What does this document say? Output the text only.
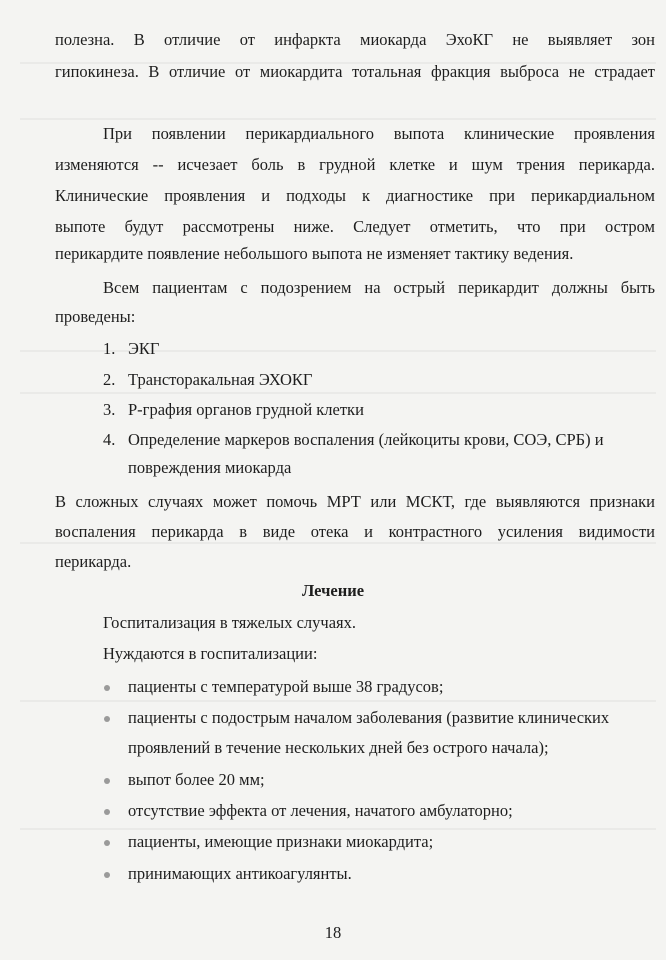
полезна. В отличие от инфаркта миокарда ЭхоКГ не выявляет зон
гипокинеза. В отличие от миокардита тотальная фракция выброса не страдает
При появлении перикардиального выпота клинические проявления
изменяются -- исчезает боль в грудной клетке и шум трения перикарда.
Клинические проявления и подходы к диагностике при перикардиальном
выпоте будут рассмотрены ниже. Следует отметить, что при остром
перикардите появление небольшого выпота не изменяет тактику ведения.
Всем пациентам с подозрением на острый перикардит должны быть
проведены:
1. ЭКГ
2. Трансторакальная ЭХОКГ
3. Р-графия органов грудной клетки
4. Определение маркеров воспаления (лейкоциты крови, СОЭ, СРБ) и
повреждения миокарда
В сложных случаях может помочь МРТ или МСКТ, где выявляются признаки
воспаления перикарда в виде отека и контрастного усиления видимости
перикарда.
Лечение
Госпитализация в тяжелых случаях.
Нуждаются в госпитализации:
пациенты с температурой выше 38 градусов;
пациенты с подострым началом заболевания (развитие клинических
проявлений в течение нескольких дней без острого начала);
выпот более 20 мм;
отсутствие эффекта от лечения, начатого амбулаторно;
пациенты, имеющие признаки миокардита;
принимающих антикоагулянты.
18
